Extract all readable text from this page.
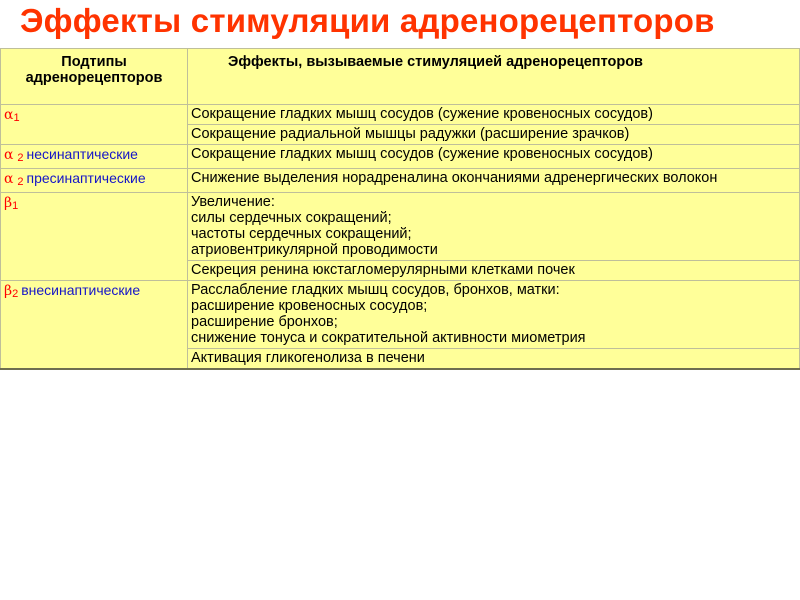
Эффекты стимуляции адренорецепторов
Подтипы адренорецепторов	Эффекты, вызываемые стимуляцией адренорецепторов
α1	Сокращение гладких мышц сосудов (сужение кровеносных сосудов)
	Сокращение радиальной мышцы радужки (расширение зрачков)
α 2 несинаптические	Сокращение гладких мышц сосудов (сужение кровеносных сосудов)
α 2 пресинаптические	Снижение выделения норадреналина окончаниями адренергических волокон
β1	Увеличение:
силы сердечных сокращений;
частоты сердечных сокращений;
атриовентрикулярной проводимости
	Секреция ренина юкстагломерулярными клетками почек
β2 внесинаптические	Расслабление гладких мышц сосудов, бронхов, матки:
расширение кровеносных сосудов;
расширение бронхов;
снижение тонуса и сократительной активности миометрия
	Активация гликогенолиза в печени
